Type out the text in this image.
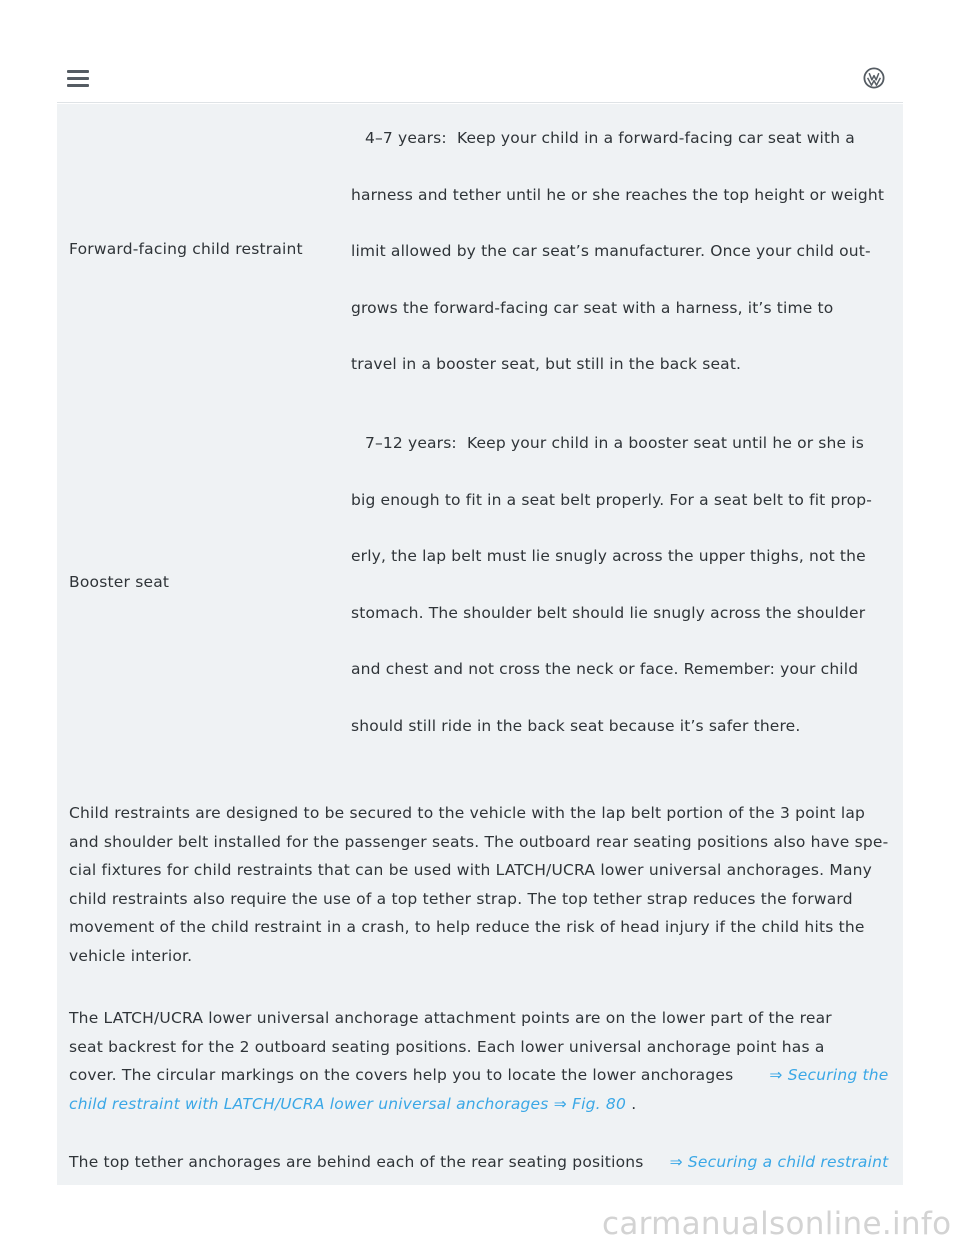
Forward-facing child restraint
4–7 years: Keep your child in a forward-facing car seat with a
harness and tether until he or she reaches the top height or weight
limit allowed by the car seat’s manufacturer. Once your child out-
grows the forward-facing car seat with a harness, it’s time to
travel in a booster seat, but still in the back seat.
Booster seat
7–12 years: Keep your child in a booster seat until he or she is
big enough to fit in a seat belt properly. For a seat belt to fit prop-
erly, the lap belt must lie snugly across the upper thighs, not the
stomach. The shoulder belt should lie snugly across the shoulder
and chest and not cross the neck or face. Remember: your child
should still ride in the back seat because it’s safer there.
Child restraints are designed to be secured to the vehicle with the lap belt portion of the 3 point lap
and shoulder belt installed for the passenger seats. The outboard rear seating positions also have spe-
cial fixtures for child restraints that can be used with LATCH/UCRA lower universal anchorages. Many
child restraints also require the use of a top tether strap. The top tether strap reduces the forward
movement of the child restraint in a crash, to help reduce the risk of head injury if the child hits the
vehicle interior.
The LATCH/UCRA lower universal anchorage attachment points are on the lower part of the rear
seat backrest for the 2 outboard seating positions. Each lower universal anchorage point has a
cover. The circular markings on the covers help you to locate the lower anchorages ⇒ Securing the
child restraint with LATCH/UCRA lower universal anchorages ⇒ Fig. 80 .
The top tether anchorages are behind each of the rear seating positions ⇒ Securing a child restraint
carmanualsonline.info
